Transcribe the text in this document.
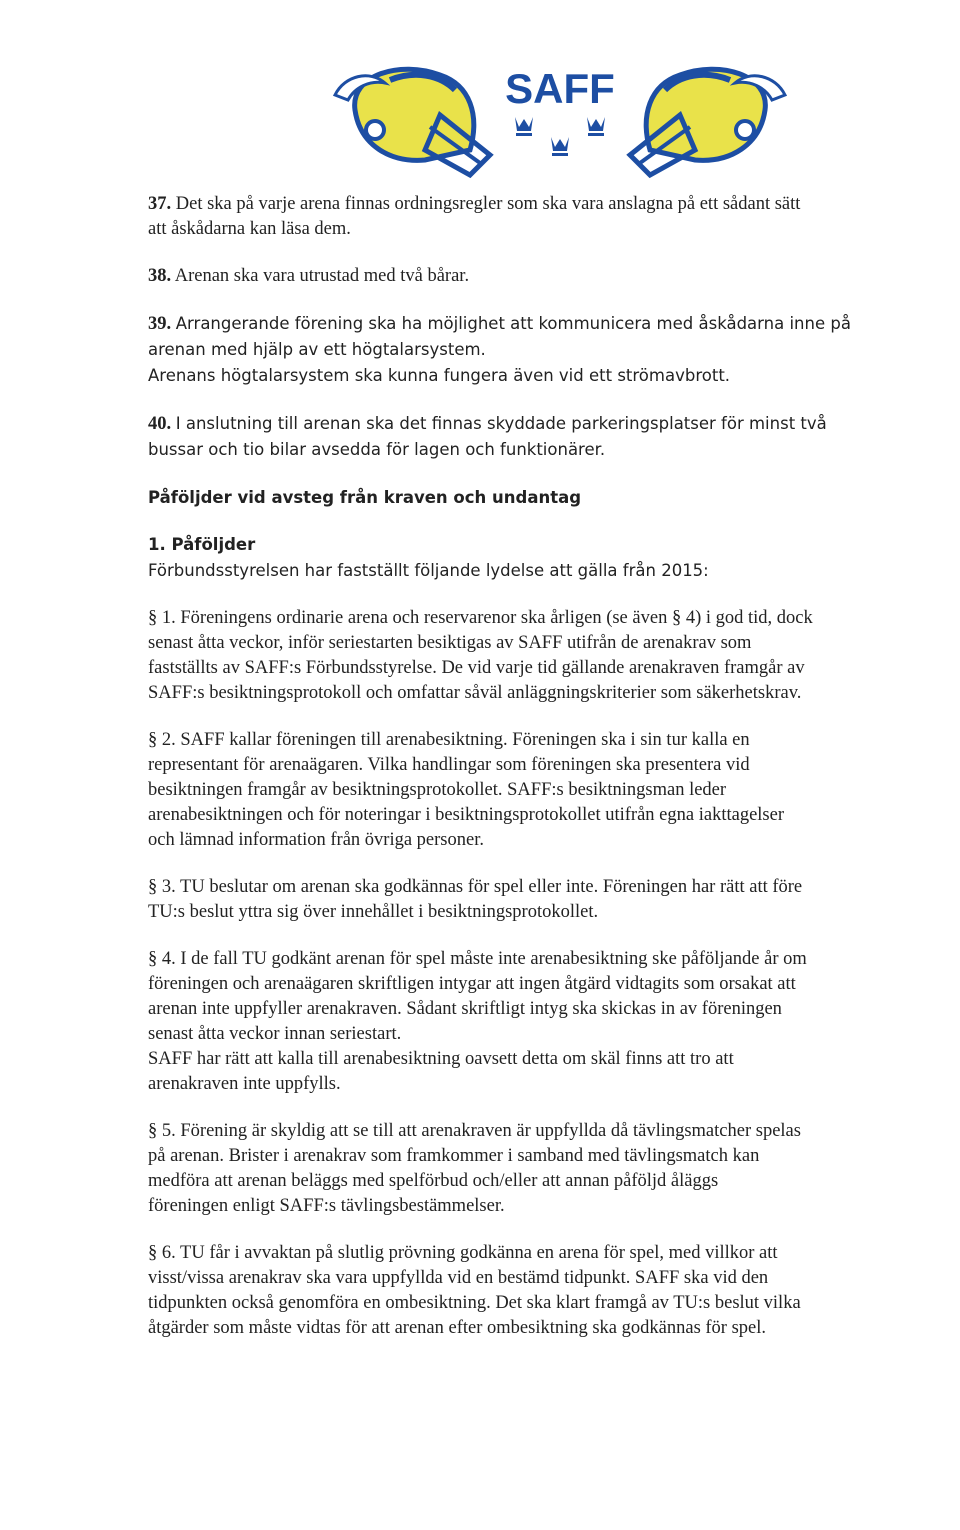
SAFF

37. Det ska på varje arena finnas ordningsregler som ska vara anslagna på ett sådant sätt
att åskådarna kan läsa dem.

38. Arenan ska vara utrustad med två bårar.

39. Arrangerande förening ska ha möjlighet att kommunicera med åskådarna inne på
arenan med hjälp av ett högtalarsystem.
Arenans högtalarsystem ska kunna fungera även vid ett strömavbrott.

40. I anslutning till arenan ska det finnas skyddade parkeringsplatser för minst två
bussar och tio bilar avsedda för lagen och funktionärer.

Påföljder vid avsteg från kraven och undantag

1. Påföljder
Förbundsstyrelsen har fastställt följande lydelse att gälla från 2015:

§ 1. Föreningens ordinarie arena och reservarenor ska årligen (se även § 4) i god tid, dock
senast åtta veckor, inför seriestarten besiktigas av SAFF utifrån de arenakrav som
fastställts av SAFF:s Förbundsstyrelse. De vid varje tid gällande arenakraven framgår av
SAFF:s besiktningsprotokoll och omfattar såväl anläggningskriterier som säkerhetskrav.

§ 2. SAFF kallar föreningen till arenabesiktning. Föreningen ska i sin tur kalla en
representant för arenaägaren. Vilka handlingar som föreningen ska presentera vid
besiktningen framgår av besiktningsprotokollet. SAFF:s besiktningsman leder
arenabesiktningen och för noteringar i besiktningsprotokollet utifrån egna iakttagelser
och lämnad information från övriga personer.

§ 3. TU beslutar om arenan ska godkännas för spel eller inte. Föreningen har rätt att före
TU:s beslut yttra sig över innehållet i besiktningsprotokollet.

§ 4. I de fall TU godkänt arenan för spel måste inte arenabesiktning ske påföljande år om
föreningen och arenaägaren skriftligen intygar att ingen åtgärd vidtagits som orsakat att
arenan inte uppfyller arenakraven. Sådant skriftligt intyg ska skickas in av föreningen
senast åtta veckor innan seriestart.
SAFF har rätt att kalla till arenabesiktning oavsett detta om skäl finns att tro att
arenakraven inte uppfylls.

§ 5. Förening är skyldig att se till att arenakraven är uppfyllda då tävlingsmatcher spelas
på arenan. Brister i arenakrav som framkommer i samband med tävlingsmatch kan
medföra att arenan beläggs med spelförbud och/eller att annan påföljd åläggs
föreningen enligt SAFF:s tävlingsbestämmelser.

§ 6. TU får i avvaktan på slutlig prövning godkänna en arena för spel, med villkor att
visst/vissa arenakrav ska vara uppfyllda vid en bestämd tidpunkt. SAFF ska vid den
tidpunkten också genomföra en ombesiktning. Det ska klart framgå av TU:s beslut vilka
åtgärder som måste vidtas för att arenan efter ombesiktning ska godkännas för spel.
